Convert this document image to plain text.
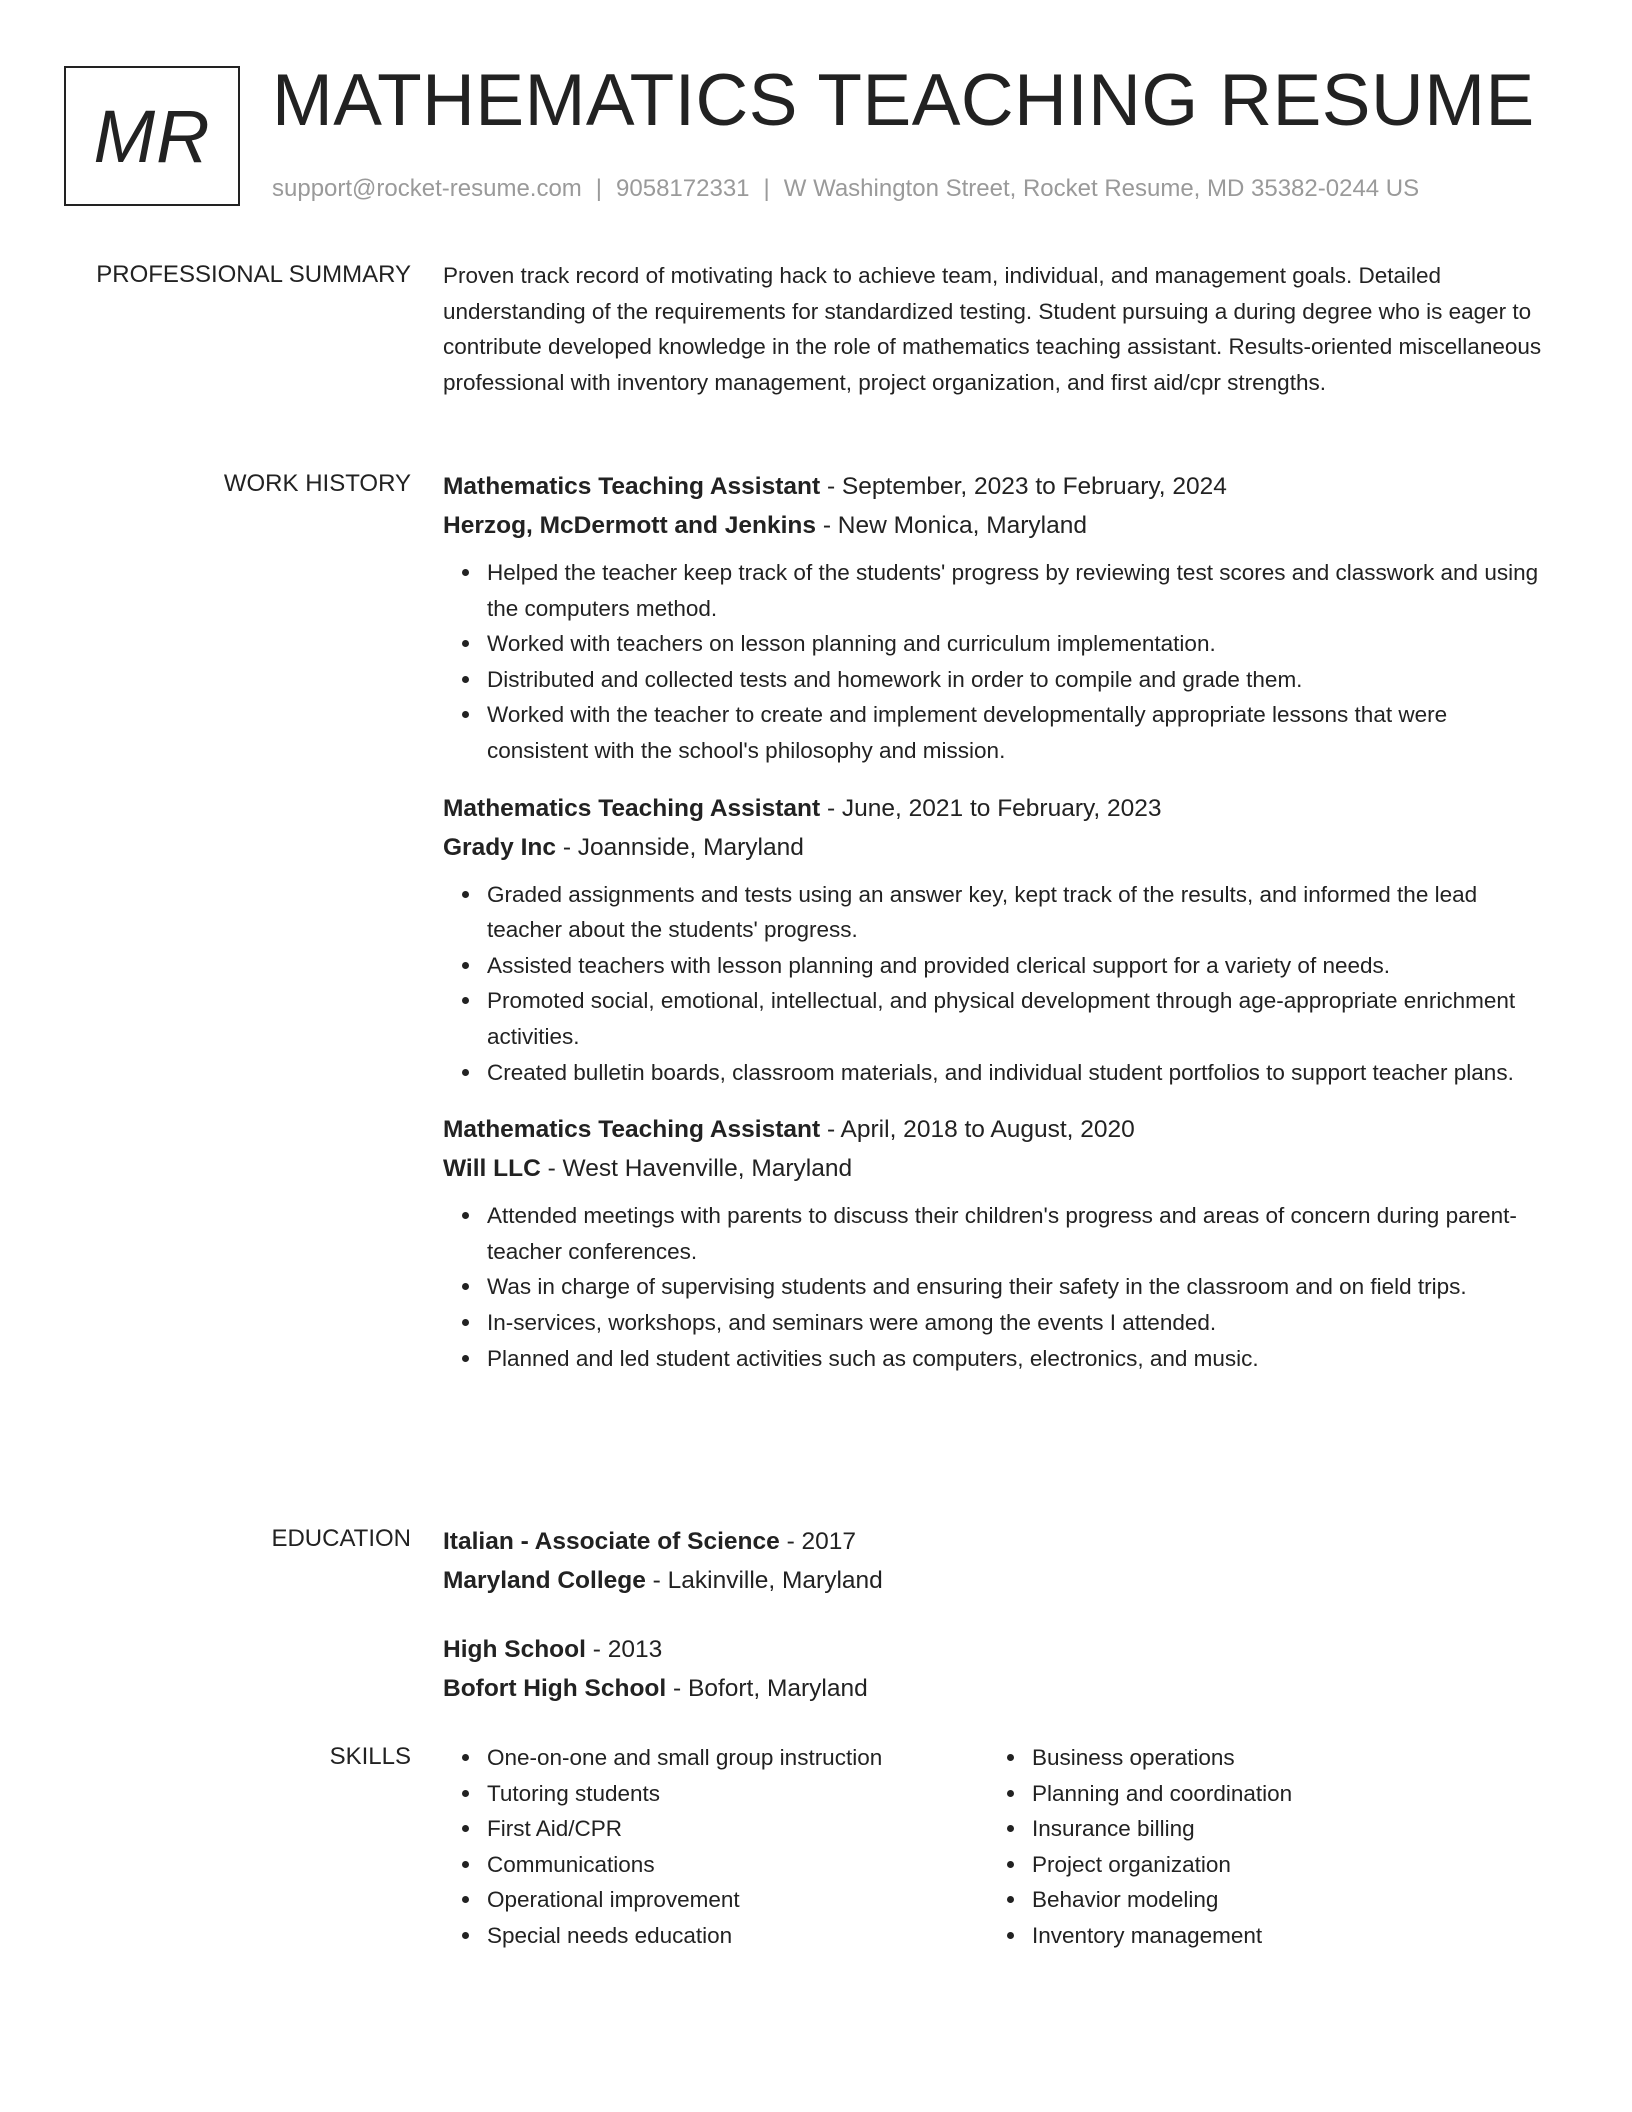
MR MATHEMATICS TEACHING RESUME
support@rocket-resume.com | 9058172331 | W Washington Street, Rocket Resume, MD 35382-0244 US
PROFESSIONAL SUMMARY Proven track record of motivating hack to achieve team, individual, and management goals. Detailed understanding of the requirements for standardized testing. Student pursuing a during degree who is eager to contribute developed knowledge in the role of mathematics teaching assistant. Results-oriented miscellaneous professional with inventory management, project organization, and first aid/cpr strengths.

WORK HISTORY Mathematics Teaching Assistant - September, 2023 to February, 2024
Herzog, McDermott and Jenkins - New Monica, Maryland
Helped the teacher keep track of the students' progress by reviewing test scores and classwork and using the computers method.
Worked with teachers on lesson planning and curriculum implementation.
Distributed and collected tests and homework in order to compile and grade them.
Worked with the teacher to create and implement developmentally appropriate lessons that were consistent with the school's philosophy and mission.
Mathematics Teaching Assistant - June, 2021 to February, 2023
Grady Inc - Joannside, Maryland
Graded assignments and tests using an answer key, kept track of the results, and informed the lead teacher about the students' progress.
Assisted teachers with lesson planning and provided clerical support for a variety of needs.
Promoted social, emotional, intellectual, and physical development through age-appropriate enrichment activities.
Created bulletin boards, classroom materials, and individual student portfolios to support teacher plans.
Mathematics Teaching Assistant - April, 2018 to August, 2020
Will LLC - West Havenville, Maryland
Attended meetings with parents to discuss their children's progress and areas of concern during parent-teacher conferences.
Was in charge of supervising students and ensuring their safety in the classroom and on field trips.
In-services, workshops, and seminars were among the events I attended.
Planned and led student activities such as computers, electronics, and music.
EDUCATION Italian - Associate of Science - 2017
Maryland College - Lakinville, Maryland
High School - 2013
Bofort High School - Bofort, Maryland
SKILLS	One-on-one and small group instruction
Tutoring students
First Aid/CPR
Communications
Operational improvement
Special needs education
Business operations
Planning and coordination
Insurance billing
Project organization
Behavior modeling
Inventory management
